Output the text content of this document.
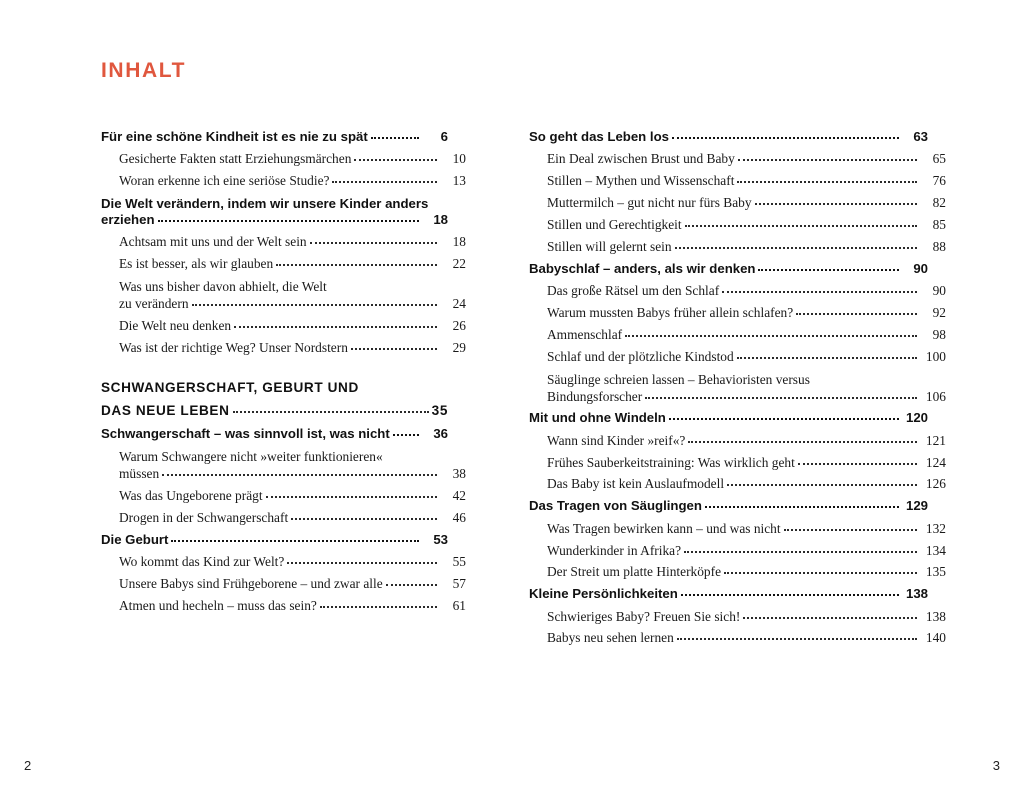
INHALT
Für eine schöne Kindheit ist es nie zu spät	6
Gesicherte Fakten statt Erziehungsmärchen	10
Woran erkenne ich eine seriöse Studie?	13
Die Welt verändern, indem wir unsere Kinder anders
erziehen	18
Achtsam mit uns und der Welt sein	18
Es ist besser, als wir glauben	22
Was uns bisher davon abhielt, die Welt
zu verändern	24
Die Welt neu denken	26
Was ist der richtige Weg? Unser Nordstern	29
SCHWANGERSCHAFT, GEBURT UND
DAS NEUE LEBEN	35
Schwangerschaft – was sinnvoll ist, was nicht	36
Warum Schwangere nicht »weiter funktionieren«
müssen	38
Was das Ungeborene prägt	42
Drogen in der Schwangerschaft	46
Die Geburt	53
Wo kommt das Kind zur Welt?	55
Unsere Babys sind Frühgeborene – und zwar alle	57
Atmen und hecheln – muss das sein?	61
So geht das Leben los	63
Ein Deal zwischen Brust und Baby	65
Stillen – Mythen und Wissenschaft	76
Muttermilch – gut nicht nur fürs Baby	82
Stillen und Gerechtigkeit	85
Stillen will gelernt sein	88
Babyschlaf – anders, als wir denken	90
Das große Rätsel um den Schlaf	90
Warum mussten Babys früher allein schlafen?	92
Ammenschlaf	98
Schlaf und der plötzliche Kindstod	100
Säuglinge schreien lassen – Behavioristen versus
Bindungsforscher	106
Mit und ohne Windeln	120
Wann sind Kinder »reif«?	121
Frühes Sauberkeitstraining: Was wirklich geht	124
Das Baby ist kein Auslaufmodell	126
Das Tragen von Säuglingen	129
Was Tragen bewirken kann – und was nicht	132
Wunderkinder in Afrika?	134
Der Streit um platte Hinterköpfe	135
Kleine Persönlichkeiten	138
Schwieriges Baby? Freuen Sie sich!	138
Babys neu sehen lernen	140
2	3
